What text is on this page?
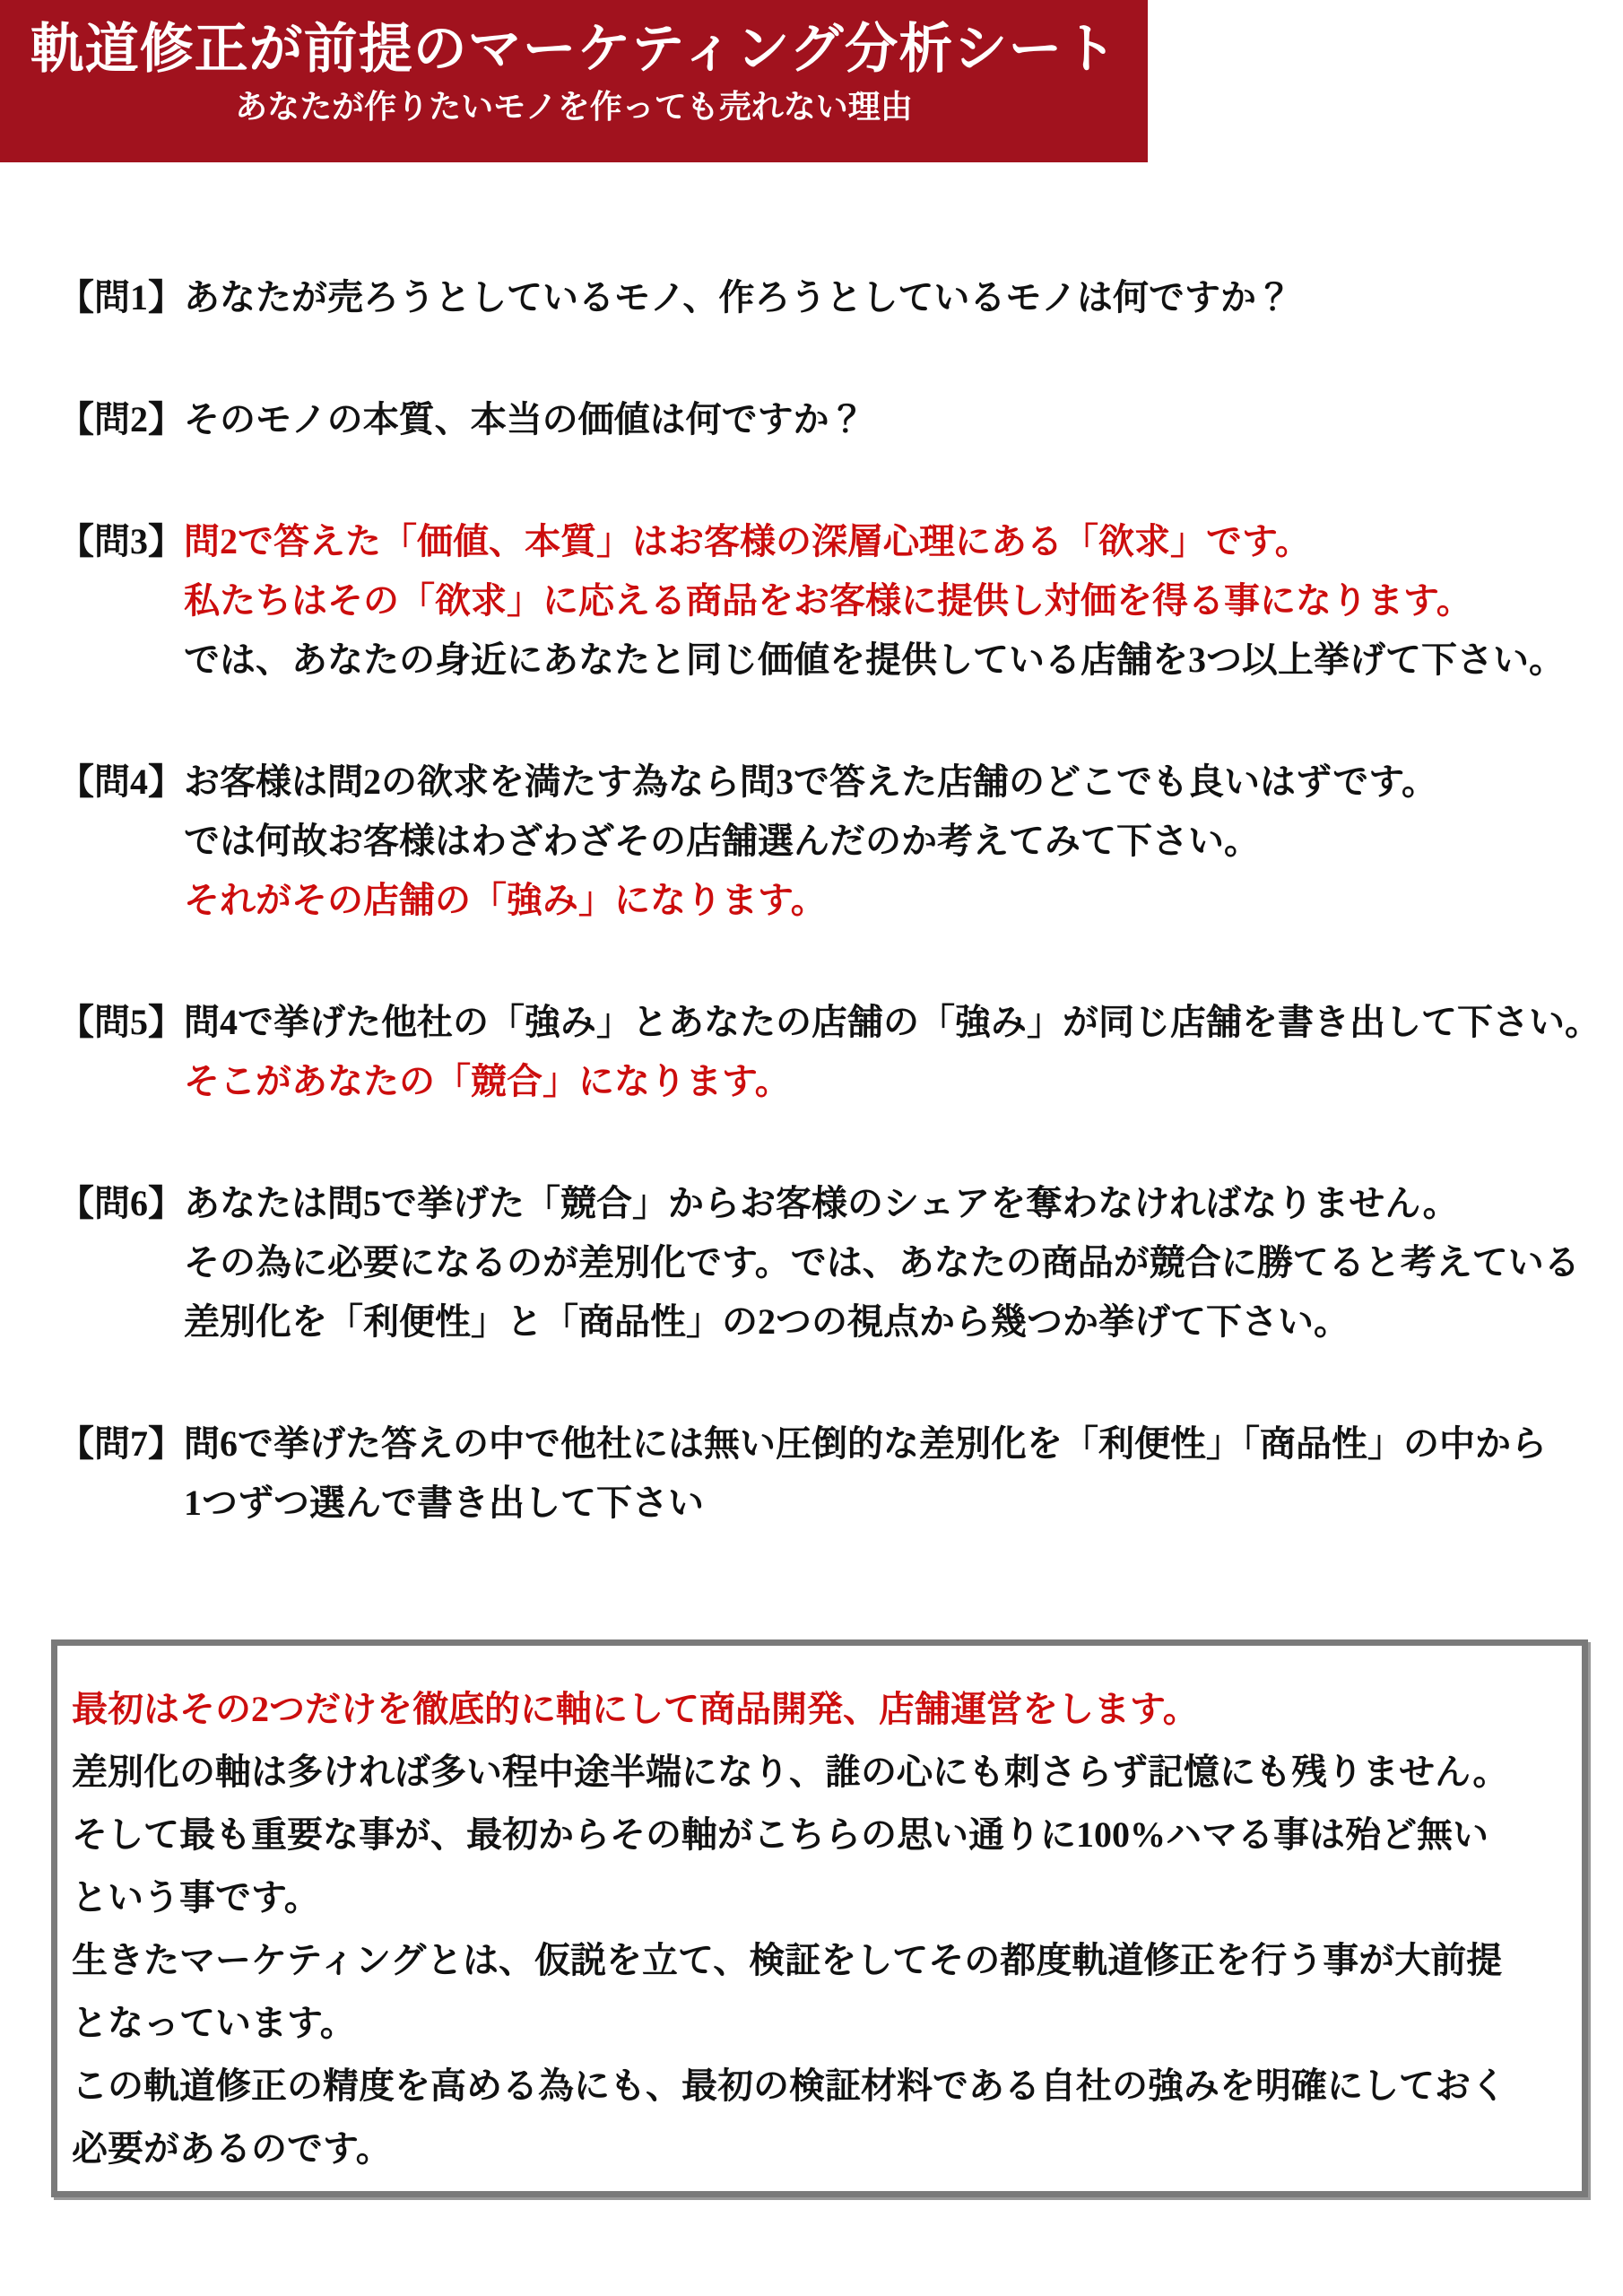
軌道修正が前提のマーケティング分析シート
あなたが作りたいモノを作っても売れない理由
【問1】 あなたが売ろうとしているモノ、作ろうとしているモノは何ですか？
【問2】 そのモノの本質、本当の価値は何ですか？
【問3】 問2で答えた「価値、本質」はお客様の深層心理にある「欲求」です。
私たちはその「欲求」に応える商品をお客様に提供し対価を得る事になります。
では、あなたの身近にあなたと同じ価値を提供している店舗を3つ以上挙げて下さい。
【問4】 お客様は問2の欲求を満たす為なら問3で答えた店舗のどこでも良いはずです。
では何故お客様はわざわざその店舗選んだのか考えてみて下さい。
それがその店舗の「強み」になります。
【問5】 問4で挙げた他社の「強み」とあなたの店舗の「強み」が同じ店舗を書き出して下さい。
そこがあなたの「競合」になります。
【問6】 あなたは問5で挙げた「競合」からお客様のシェアを奪わなければなりません。
その為に必要になるのが差別化です。では、あなたの商品が競合に勝てると考えている
差別化を「利便性」と「商品性」の2つの視点から幾つか挙げて下さい。
【問7】 問6で挙げた答えの中で他社には無い圧倒的な差別化を「利便性」「商品性」の中から
1つずつ選んで書き出して下さい
最初はその2つだけを徹底的に軸にして商品開発、店舗運営をします。
差別化の軸は多ければ多い程中途半端になり、誰の心にも刺さらず記憶にも残りません。
そして最も重要な事が、最初からその軸がこちらの思い通りに100%ハマる事は殆ど無い
という事です。
生きたマーケティングとは、仮説を立て、検証をしてその都度軌道修正を行う事が大前提
となっています。
この軌道修正の精度を高める為にも、最初の検証材料である自社の強みを明確にしておく
必要があるのです。
